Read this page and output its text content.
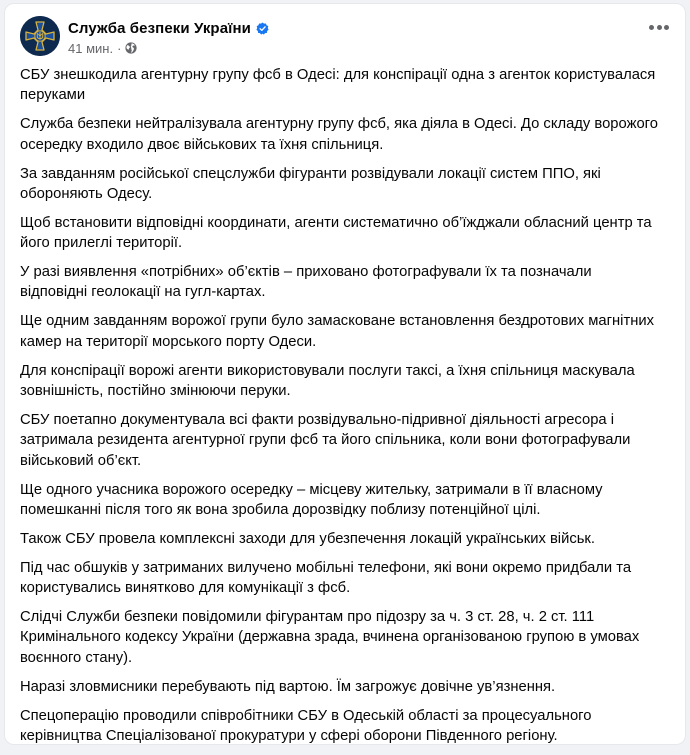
Служба безпеки України
41 мин. ·

СБУ знешкодила агентурну групу фсб в Одесі: для конспірації одна з агенток користувалася перуками

Служба безпеки нейтралізувала агентурну групу фсб, яка діяла в Одесі. До складу ворожого осередку входило двоє військових та їхня спільниця.

За завданням російської спецслужби фігуранти розвідували локації систем ППО, які обороняють Одесу.

Щоб встановити відповідні координати, агенти систематично об’їжджали обласний центр та його прилеглі території.

У разі виявлення «потрібних» об’єктів – приховано фотографували їх та позначали відповідні геолокації на гугл-картах.

Ще одним завданням ворожої групи було замасковане встановлення бездротових магнітних камер на території морського порту Одеси.

Для конспірації ворожі агенти використовували послуги таксі, а їхня спільниця маскувала зовнішність, постійно змінюючи перуки.

СБУ поетапно документувала всі факти розвідувально-підривної діяльності агресора і затримала резидента агентурної групи фсб та його спільника, коли вони фотографували військовий об’єкт.

Ще одного учасника ворожого осередку – місцеву жительку, затримали в її власному помешканні після того як вона зробила дорозвідку поблизу потенційної цілі.

Також СБУ провела комплексні заходи для убезпечення локацій українських військ.

Під час обшуків у затриманих вилучено мобільні телефони, які вони окремо придбали та користувались винятково для комунікації з фсб.

Слідчі Служби безпеки повідомили фігурантам про підозру за ч. 3 ст. 28, ч. 2 ст. 111 Кримінального кодексу України (державна зрада, вчинена організованою групою в умовах воєнного стану).

Наразі зловмисники перебувають під вартою. Їм загрожує довічне ув’язнення.

Спецоперацію проводили співробітники СБУ в Одеській області за процесуального керівництва Спеціалізованої прокуратури у сфері оборони Південного регіону.
